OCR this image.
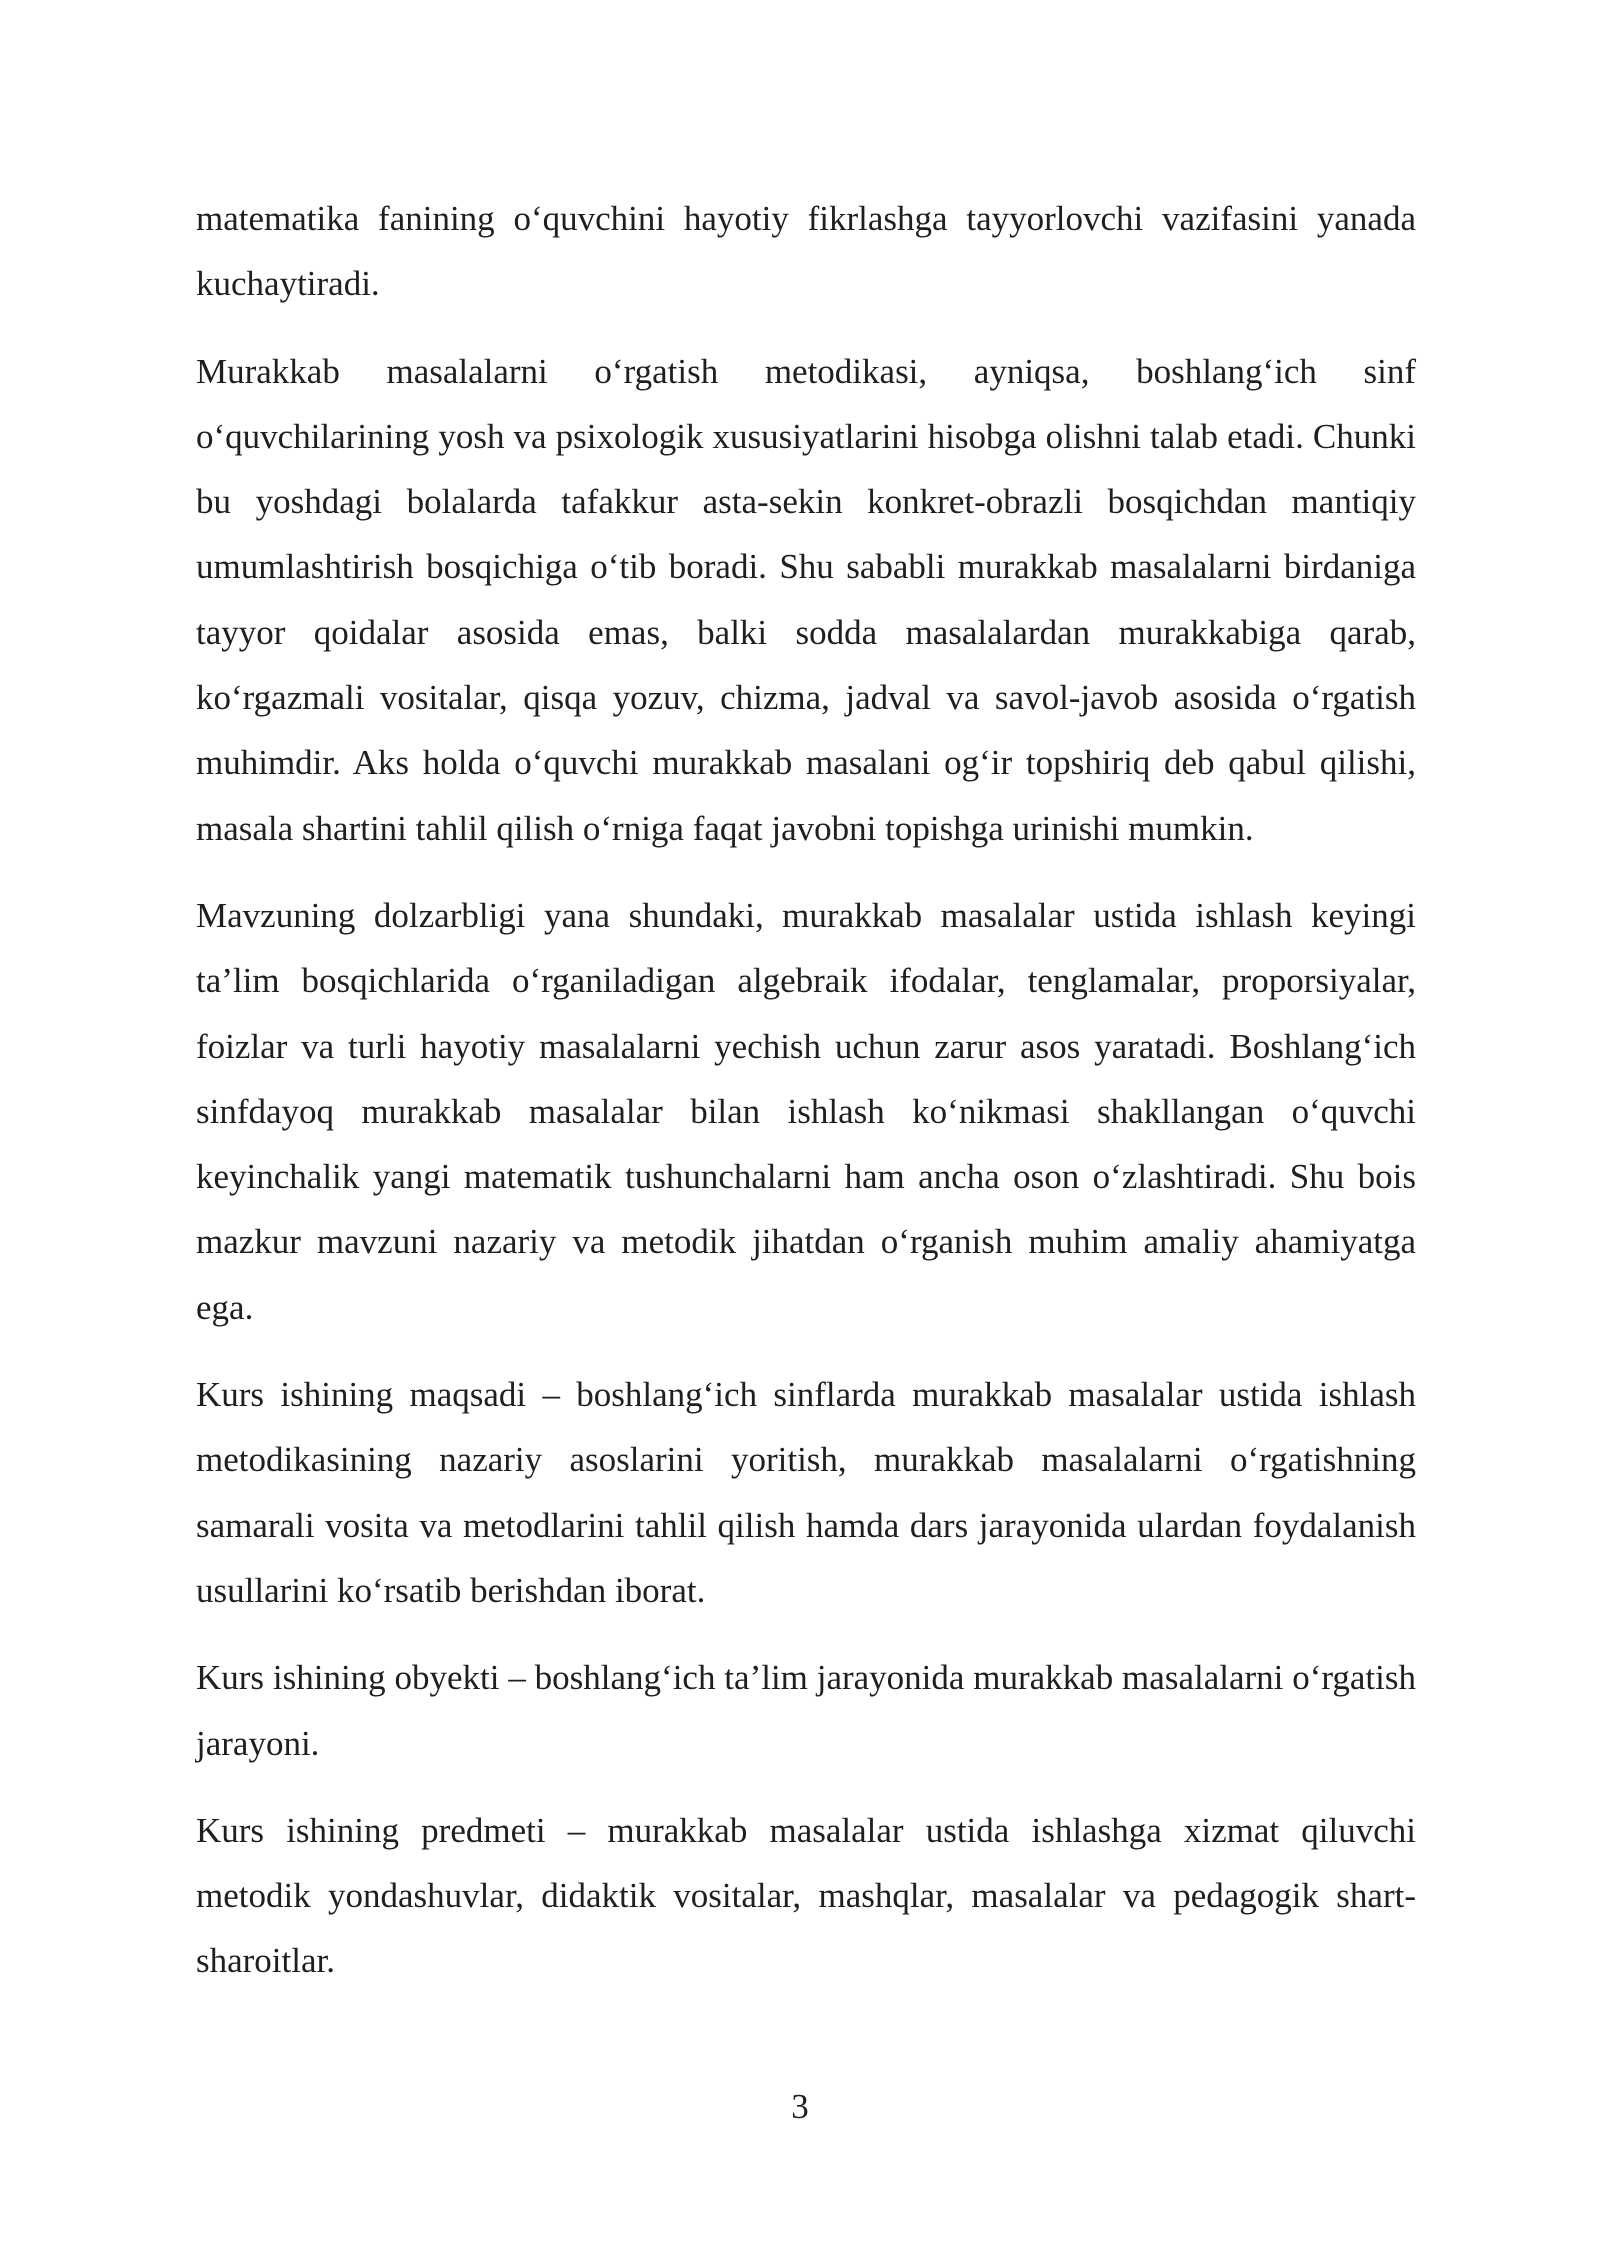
matematika fanining o‘quvchini hayotiy fikrlashga tayyorlovchi vazifasini yanada kuchaytiradi.

Murakkab masalalarni o‘rgatish metodikasi, ayniqsa, boshlang‘ich sinf o‘quvchilarining yosh va psixologik xususiyatlarini hisobga olishni talab etadi. Chunki bu yoshdagi bolalarda tafakkur asta-sekin konkret-obrazli bosqichdan mantiqiy umumlashtirish bosqichiga o‘tib boradi. Shu sababli murakkab masalalarni birdaniga tayyor qoidalar asosida emas, balki sodda masalalardan murakkabiga qarab, ko‘rgazmali vositalar, qisqa yozuv, chizma, jadval va savol-javob asosida o‘rgatish muhimdir. Aks holda o‘quvchi murakkab masalani og‘ir topshiriq deb qabul qilishi, masala shartini tahlil qilish o‘rniga faqat javobni topishga urinishi mumkin.

Mavzuning dolzarbligi yana shundaki, murakkab masalalar ustida ishlash keyingi ta’lim bosqichlarida o‘rganiladigan algebraik ifodalar, tenglamalar, proporsiyalar, foizlar va turli hayotiy masalalarni yechish uchun zarur asos yaratadi. Boshlang‘ich sinfdayoq murakkab masalalar bilan ishlash ko‘nikmasi shakllangan o‘quvchi keyinchalik yangi matematik tushunchalarni ham ancha oson o‘zlashtiradi. Shu bois mazkur mavzuni nazariy va metodik jihatdan o‘rganish muhim amaliy ahamiyatga ega.

Kurs ishining maqsadi – boshlang‘ich sinflarda murakkab masalalar ustida ishlash metodikasining nazariy asoslarini yoritish, murakkab masalalarni o‘rgatishning samarali vosita va metodlarini tahlil qilish hamda dars jarayonida ulardan foydalanish usullarini ko‘rsatib berishdan iborat.

Kurs ishining obyekti – boshlang‘ich ta’lim jarayonida murakkab masalalarni o‘rgatish jarayoni.

Kurs ishining predmeti – murakkab masalalar ustida ishlashga xizmat qiluvchi metodik yondashuvlar, didaktik vositalar, mashqlar, masalalar va pedagogik shart-sharoitlar.

3
